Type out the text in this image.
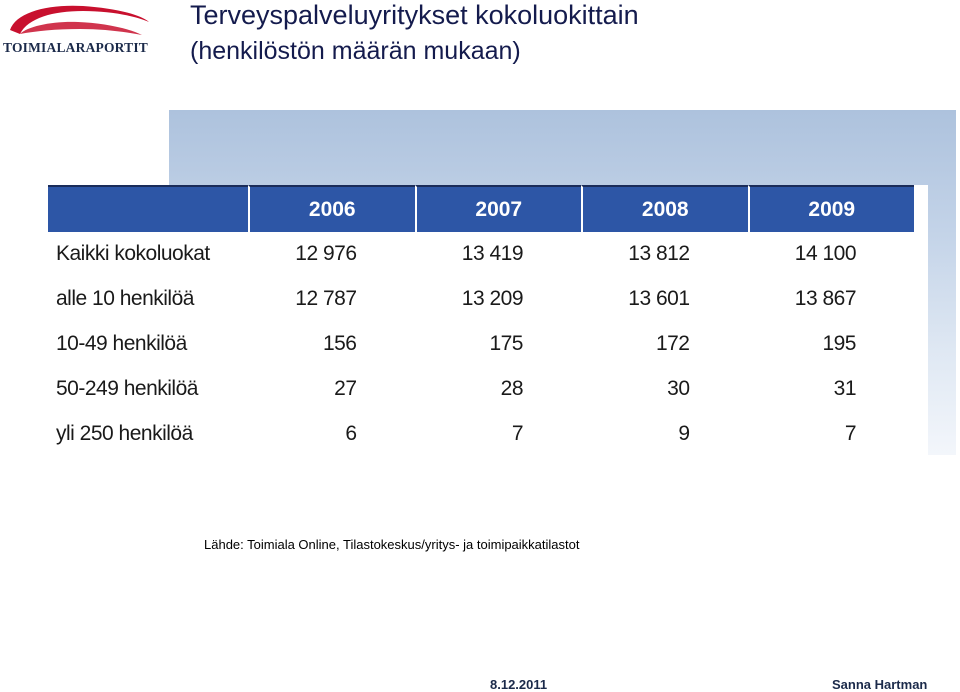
TOIMIALARAPORTIT
Terveyspalveluyritykset kokoluokittain
(henkilöstön määrän mukaan)
	2006	2007	2008	2009
Kaikki kokoluokat	12 976	13 419	13 812	14 100
alle 10 henkilöä	12 787	13 209	13 601	13 867
10-49 henkilöä	156	175	172	195
50-249 henkilöä	27	28	30	31
yli 250 henkilöä	6	7	9	7
Lähde: Toimiala Online, Tilastokeskus/yritys- ja toimipaikkatilastot
8.12.2011	Sanna Hartman
